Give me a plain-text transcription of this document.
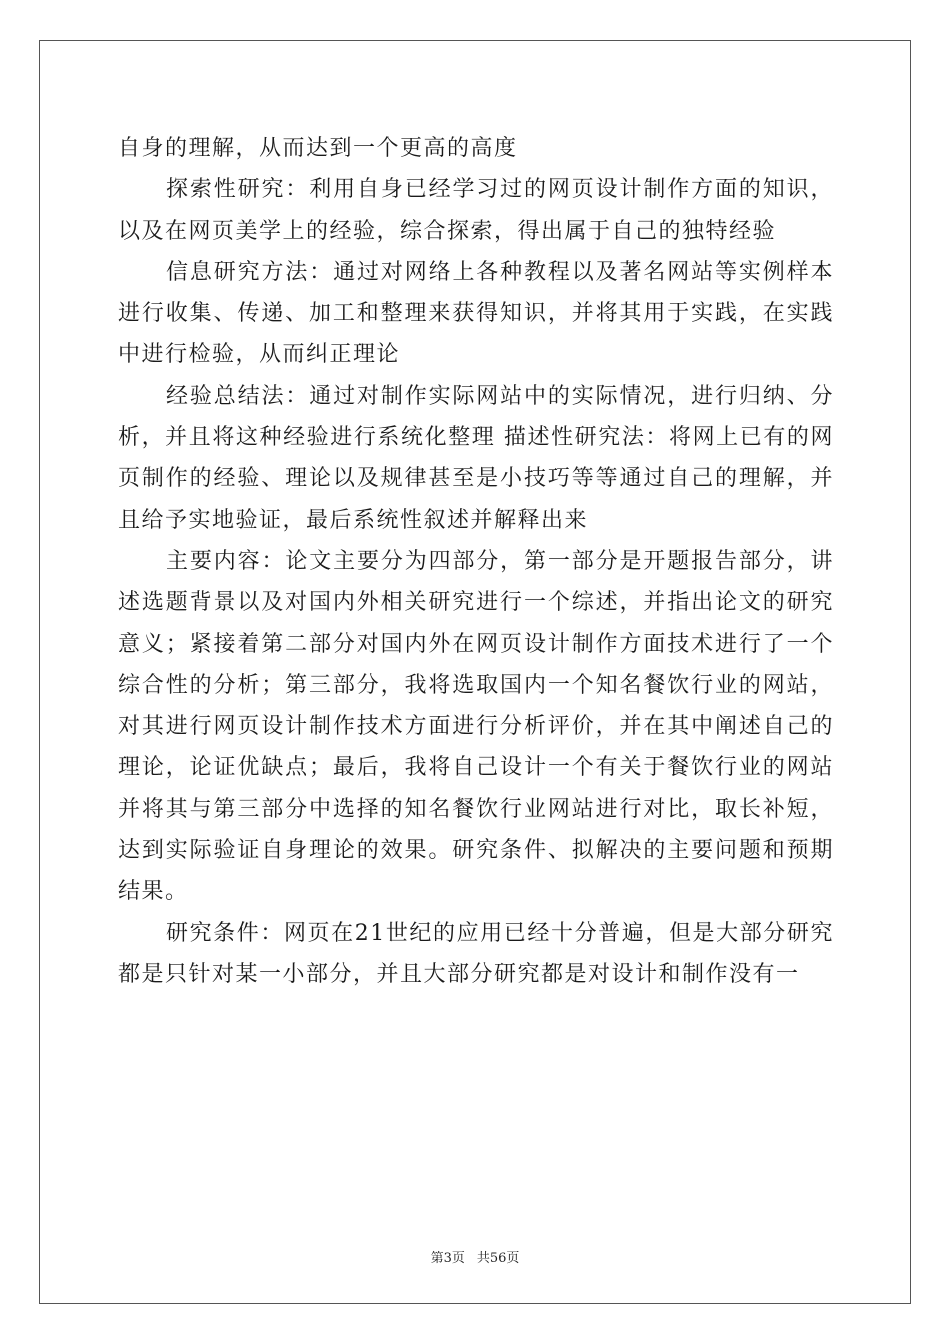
自身的理解，从而达到一个更高的高度

探索性研究：利用自身已经学习过的网页设计制作方面的知识，以及在网页美学上的经验，综合探索，得出属于自己的独特经验

信息研究方法：通过对网络上各种教程以及著名网站等实例样本进行收集、传递、加工和整理来获得知识，并将其用于实践，在实践中进行检验，从而纠正理论

经验总结法：通过对制作实际网站中的实际情况，进行归纳、分析，并且将这种经验进行系统化整理 描述性研究法：将网上已有的网页制作的经验、理论以及规律甚至是小技巧等等通过自己的理解，并且给予实地验证，最后系统性叙述并解释出来

主要内容：论文主要分为四部分，第一部分是开题报告部分，讲述选题背景以及对国内外相关研究进行一个综述，并指出论文的研究意义；紧接着第二部分对国内外在网页设计制作方面技术进行了一个综合性的分析；第三部分，我将选取国内一个知名餐饮行业的网站，对其进行网页设计制作技术方面进行分析评价，并在其中阐述自己的理论，论证优缺点；最后，我将自己设计一个有关于餐饮行业的网站并将其与第三部分中选择的知名餐饮行业网站进行对比，取长补短，达到实际验证自身理论的效果。研究条件、拟解决的主要问题和预期结果。

研究条件：网页在21世纪的应用已经十分普遍，但是大部分研究都是只针对某一小部分，并且大部分研究都是对设计和制作没有一

第3页 共56页
